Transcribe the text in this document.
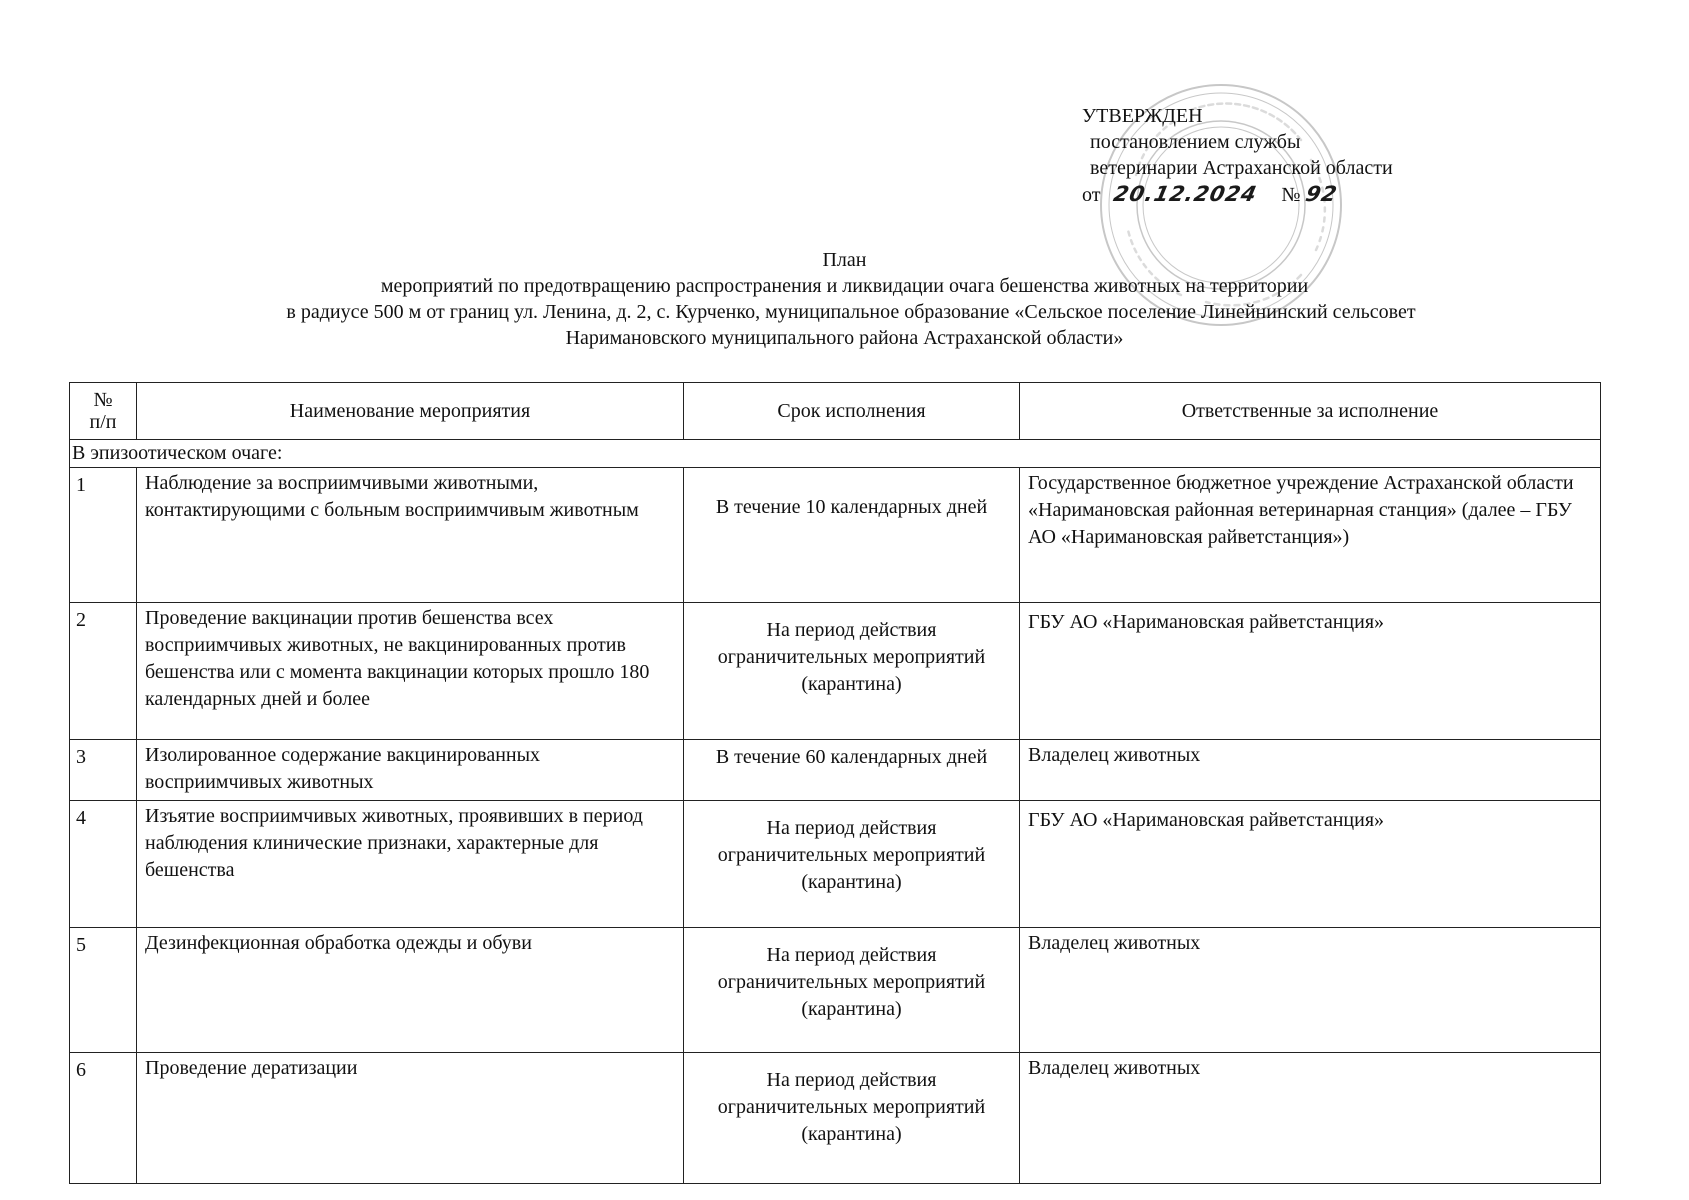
УТВЕРЖДЕН
постановлением службы
ветеринарии Астраханской области
от 20.12.2024 № 92
План
мероприятий по предотвращению распространения и ликвидации очага бешенства животных на территории
в радиусе 500 м от границ ул. Ленина, д. 2, с. Курченко, муниципальное образование «Сельское поселение Линейнинский сельсовет
Наримановского муниципального района Астраханской области»
№
п/п	Наименование мероприятия	Срок исполнения	Ответственные за исполнение
В эпизоотическом очаге:			
1	Наблюдение за восприимчивыми животными, контактирующими с больным восприимчивым животным	В течение 10 календарных дней	Государственное бюджетное учреждение Астраханской области «Наримановская районная ветеринарная станция» (далее – ГБУ АО «Наримановская райветстанция»)
2	Проведение вакцинации против бешенства всех восприимчивых животных, не вакцинированных против бешенства или с момента вакцинации которых прошло 180 календарных дней и более	На период действия ограничительных мероприятий (карантина)	ГБУ АО «Наримановская райветстанция»
3	Изолированное содержание вакцинированных восприимчивых животных	В течение 60 календарных дней	Владелец животных
4	Изъятие восприимчивых животных, проявивших в период наблюдения клинические признаки, характерные для бешенства	На период действия ограничительных мероприятий (карантина)	ГБУ АО «Наримановская райветстанция»
5	Дезинфекционная обработка одежды и обуви	На период действия ограничительных мероприятий (карантина)	Владелец животных
6	Проведение дератизации	На период действия ограничительных мероприятий (карантина)	Владелец животных
